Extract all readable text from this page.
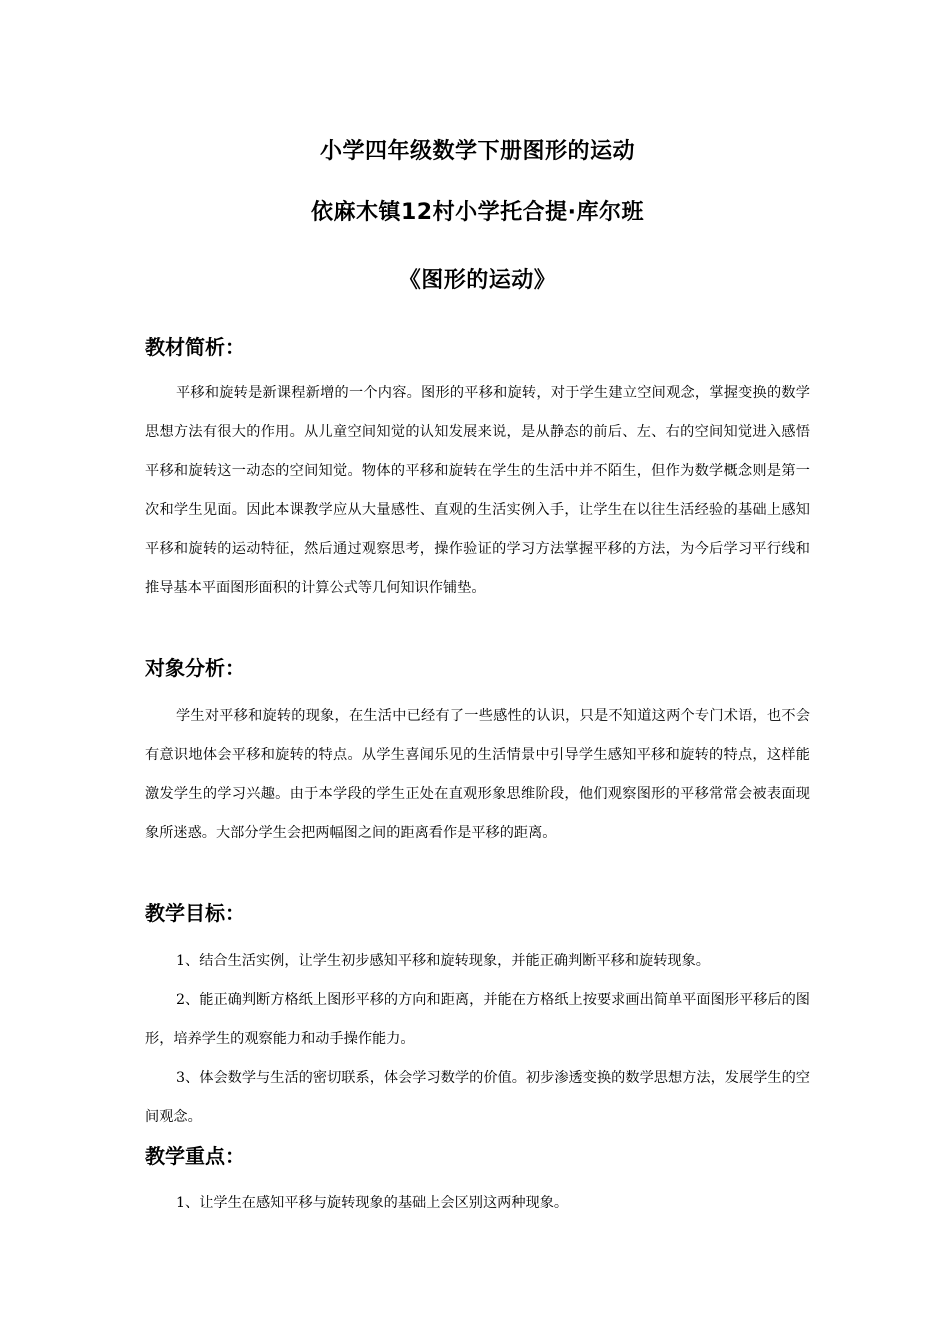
小学四年级数学下册图形的运动
依麻木镇12村小学托合提·库尔班
《图形的运动》
教材简析：

平移和旋转是新课程新增的一个内容。图形的平移和旋转，对于学生建立空间观念，掌握变换的数学思想方法有很大的作用。从儿童空间知觉的认知发展来说，是从静态的前后、左、右的空间知觉进入感悟平移和旋转这一动态的空间知觉。物体的平移和旋转在学生的生活中并不陌生，但作为数学概念则是第一次和学生见面。因此本课教学应从大量感性、直观的生活实例入手，让学生在以往生活经验的基础上感知平移和旋转的运动特征，然后通过观察思考，操作验证的学习方法掌握平移的方法，为今后学习平行线和推导基本平面图形面积的计算公式等几何知识作铺垫。

对象分析：

学生对平移和旋转的现象，在生活中已经有了一些感性的认识，只是不知道这两个专门术语，也不会有意识地体会平移和旋转的特点。从学生喜闻乐见的生活情景中引导学生感知平移和旋转的特点，这样能激发学生的学习兴趣。由于本学段的学生正处在直观形象思维阶段，他们观察图形的平移常常会被表面现象所迷惑。大部分学生会把两幅图之间的距离看作是平移的距离。

教学目标：

1、结合生活实例，让学生初步感知平移和旋转现象，并能正确判断平移和旋转现象。

2、能正确判断方格纸上图形平移的方向和距离，并能在方格纸上按要求画出简单平面图形平移后的图形，培养学生的观察能力和动手操作能力。

3、体会数学与生活的密切联系，体会学习数学的价值。初步渗透变换的数学思想方法，发展学生的空间观念。

教学重点：

1、让学生在感知平移与旋转现象的基础上会区别这两种现象。
